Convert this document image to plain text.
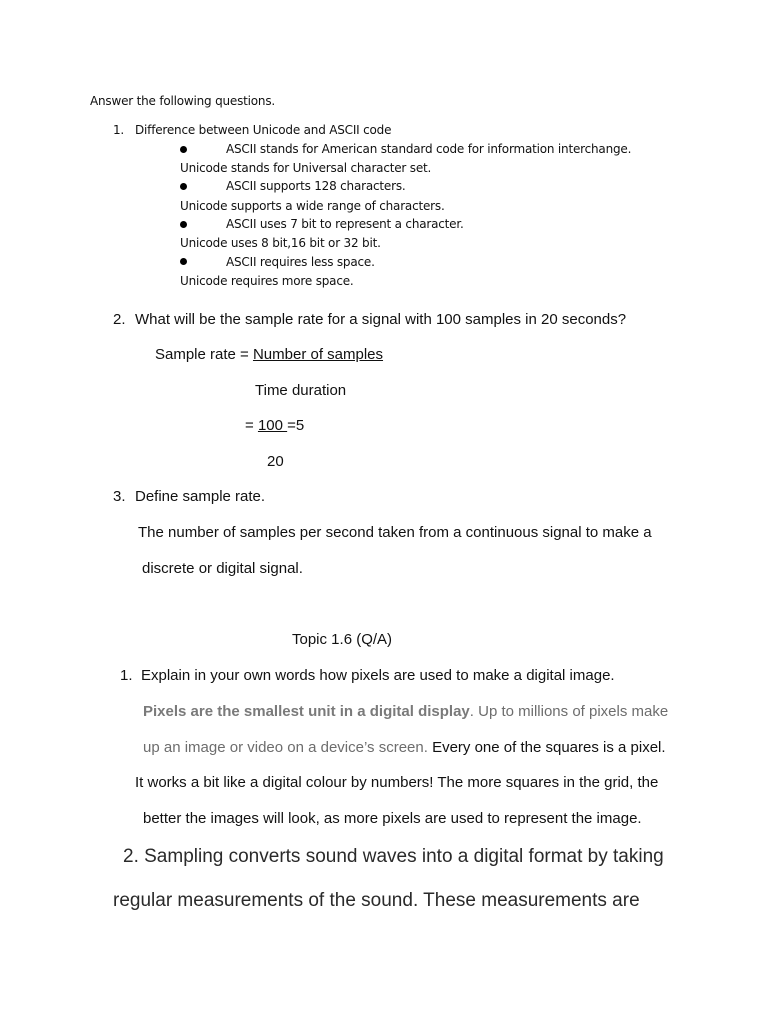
Answer the following questions.
1. Difference between Unicode and ASCII code
ASCII stands for American standard code for information interchange.
Unicode stands for Universal character set.
ASCII supports 128 characters.
Unicode supports a wide range of characters.
ASCII uses 7 bit to represent a character.
Unicode uses 8 bit,16 bit or 32 bit.
ASCII requires less space.
Unicode requires more space.
2. What will be the sample rate for a signal with 100 samples in 20 seconds?
Sample rate = Number of samples
Time duration
= 100 =5
20
3. Define sample rate.
The number of samples per second taken from a continuous signal to make a
discrete or digital signal.
Topic 1.6 (Q/A)
1. Explain in your own words how pixels are used to make a digital image.
Pixels are the smallest unit in a digital display. Up to millions of pixels make
up an image or video on a device’s screen. Every one of the squares is a pixel.
It works a bit like a digital colour by numbers! The more squares in the grid, the
better the images will look, as more pixels are used to represent the image.
2. Sampling converts sound waves into a digital format by taking
regular measurements of the sound. These measurements are
